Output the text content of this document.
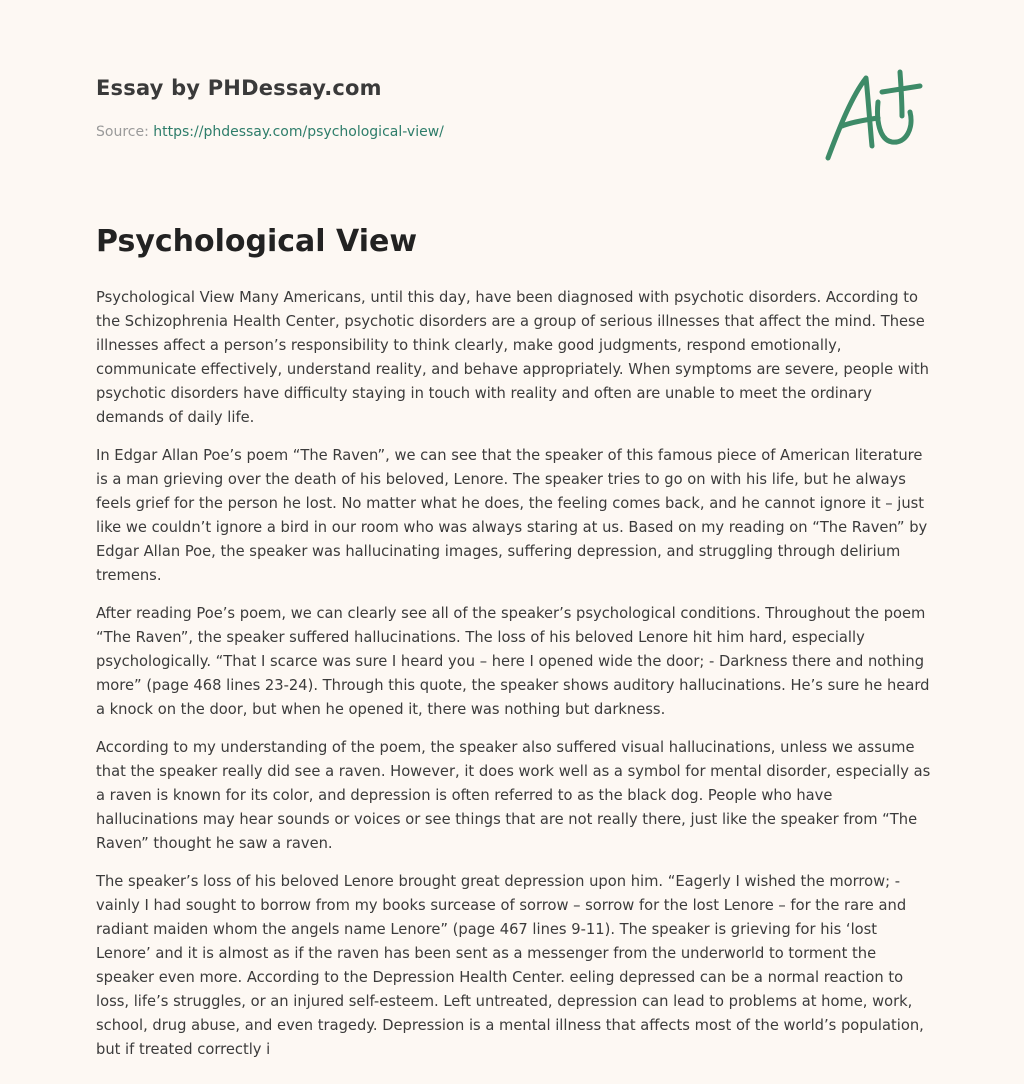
Essay by PHDessay.com
Source: https://phdessay.com/psychological-view/
Psychological View

Psychological View Many Americans, until this day, have been diagnosed with psychotic disorders. According to the Schizophrenia Health Center, psychotic disorders are a group of serious illnesses that affect the mind. These illnesses affect a person’s responsibility to think clearly, make good judgments, respond emotionally, communicate effectively, understand reality, and behave appropriately. When symptoms are severe, people with psychotic disorders have difficulty staying in touch with reality and often are unable to meet the ordinary demands of daily life.

In Edgar Allan Poe’s poem “The Raven”, we can see that the speaker of this famous piece of American literature is a man grieving over the death of his beloved, Lenore. The speaker tries to go on with his life, but he always feels grief for the person he lost. No matter what he does, the feeling comes back, and he cannot ignore it – just like we couldn’t ignore a bird in our room who was always staring at us. Based on my reading on “The Raven” by Edgar Allan Poe, the speaker was hallucinating images, suffering depression, and struggling through delirium tremens.

After reading Poe’s poem, we can clearly see all of the speaker’s psychological conditions. Throughout the poem “The Raven”, the speaker suffered hallucinations. The loss of his beloved Lenore hit him hard, especially psychologically. “That I scarce was sure I heard you – here I opened wide the door; - Darkness there and nothing more” (page 468 lines 23-24). Through this quote, the speaker shows auditory hallucinations. He’s sure he heard a knock on the door, but when he opened it, there was nothing but darkness.

According to my understanding of the poem, the speaker also suffered visual hallucinations, unless we assume that the speaker really did see a raven. However, it does work well as a symbol for mental disorder, especially as a raven is known for its color, and depression is often referred to as the black dog. People who have hallucinations may hear sounds or voices or see things that are not really there, just like the speaker from “The Raven” thought he saw a raven.

The speaker’s loss of his beloved Lenore brought great depression upon him. “Eagerly I wished the morrow; - vainly I had sought to borrow from my books surcease of sorrow – sorrow for the lost Lenore – for the rare and radiant maiden whom the angels name Lenore” (page 467 lines 9-11). The speaker is grieving for his ‘lost Lenore’ and it is almost as if the raven has been sent as a messenger from the underworld to torment the speaker even more. According to the Depression Health Center. eeling depressed can be a normal reaction to loss, life’s struggles, or an injured self-esteem. Left untreated, depression can lead to problems at home, work, school, drug abuse, and even tragedy. Depression is a mental illness that affects most of the world’s population, but if treated correctly i
